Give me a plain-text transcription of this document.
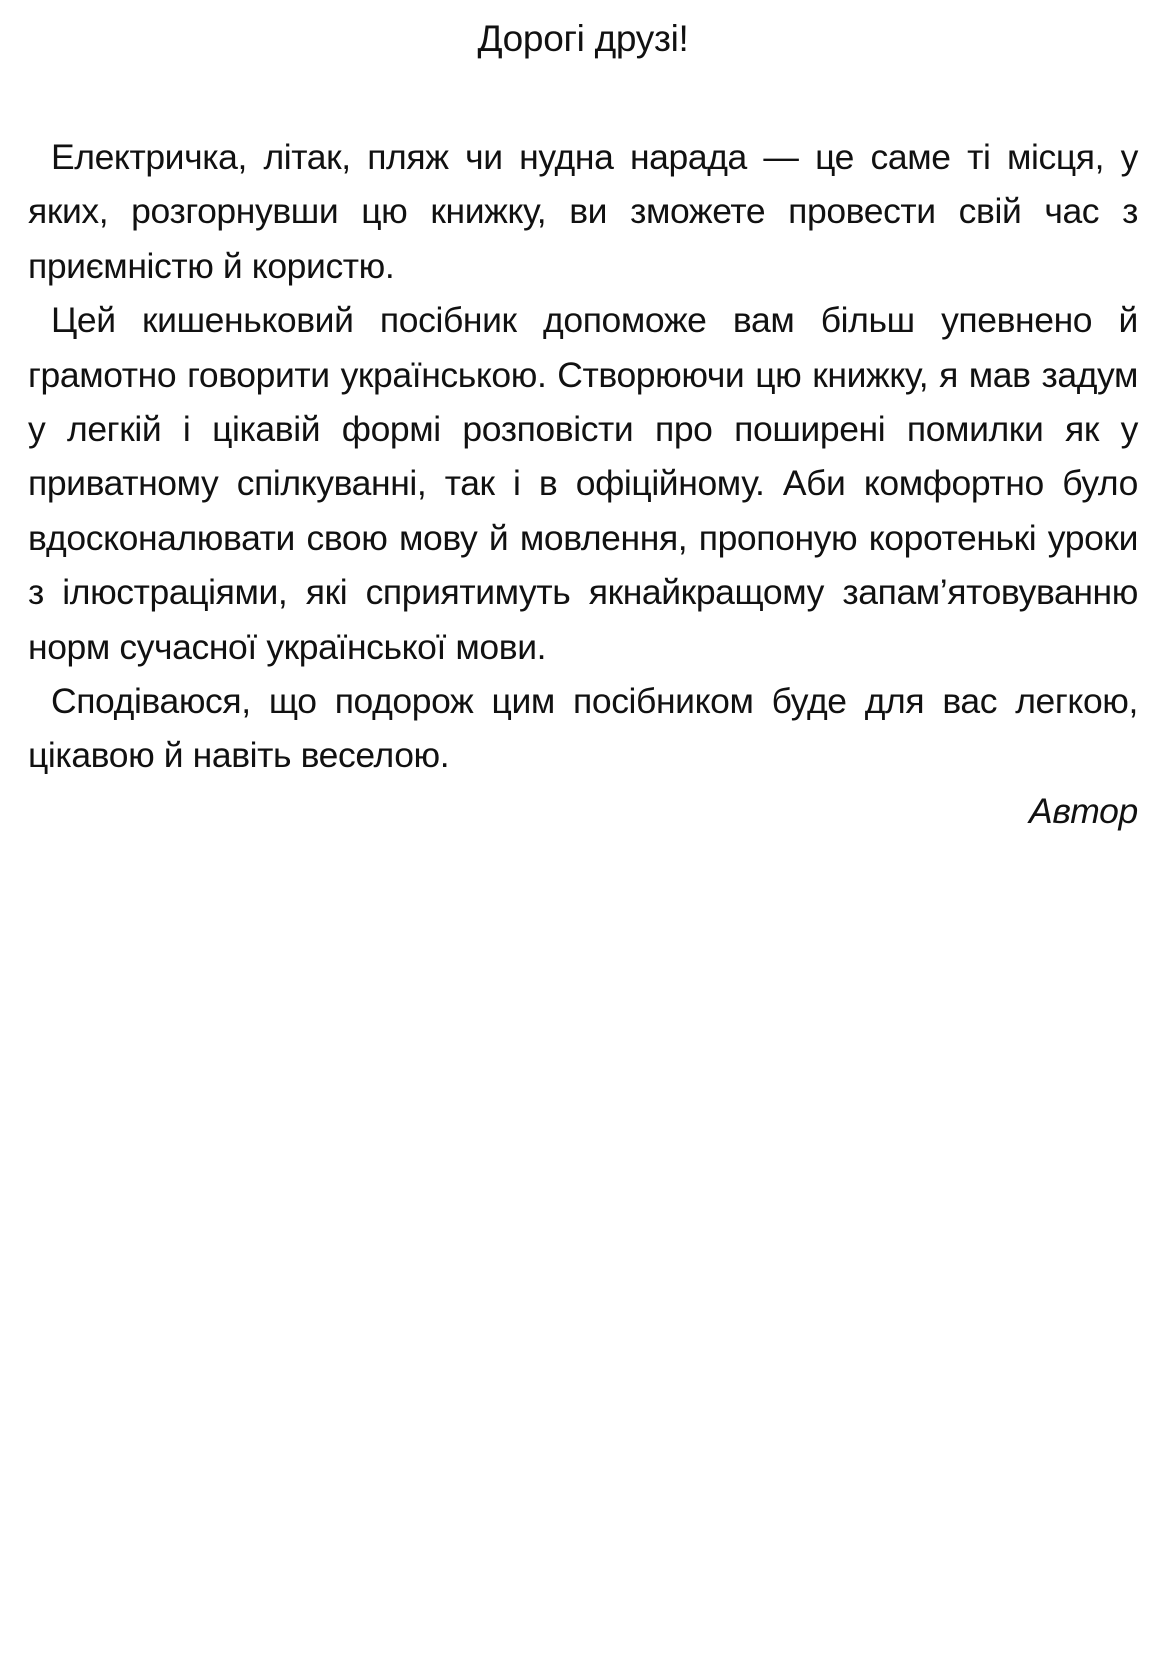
Дорогі друзі!

Електричка, літак, пляж чи нудна нарада — це саме ті місця, у яких, розгорнувши цю книжку, ви зможете провести свій час з приємністю й користю.

Цей кишеньковий посібник допоможе вам більш упевнено й грамотно говорити українською. Створюючи цю книжку, я мав задум у легкій і цікавій формі розповісти про поширені помилки як у приватному спілкуванні, так і в офіційному. Аби комфортно було вдосконалювати свою мову й мовлення, пропоную коротенькі уроки з ілюстраціями, які сприятимуть якнайкращому запам’ятовуванню норм сучасної української мови.

Сподіваюся, що подорож цим посібником буде для вас легкою, цікавою й навіть веселою.

Автор
